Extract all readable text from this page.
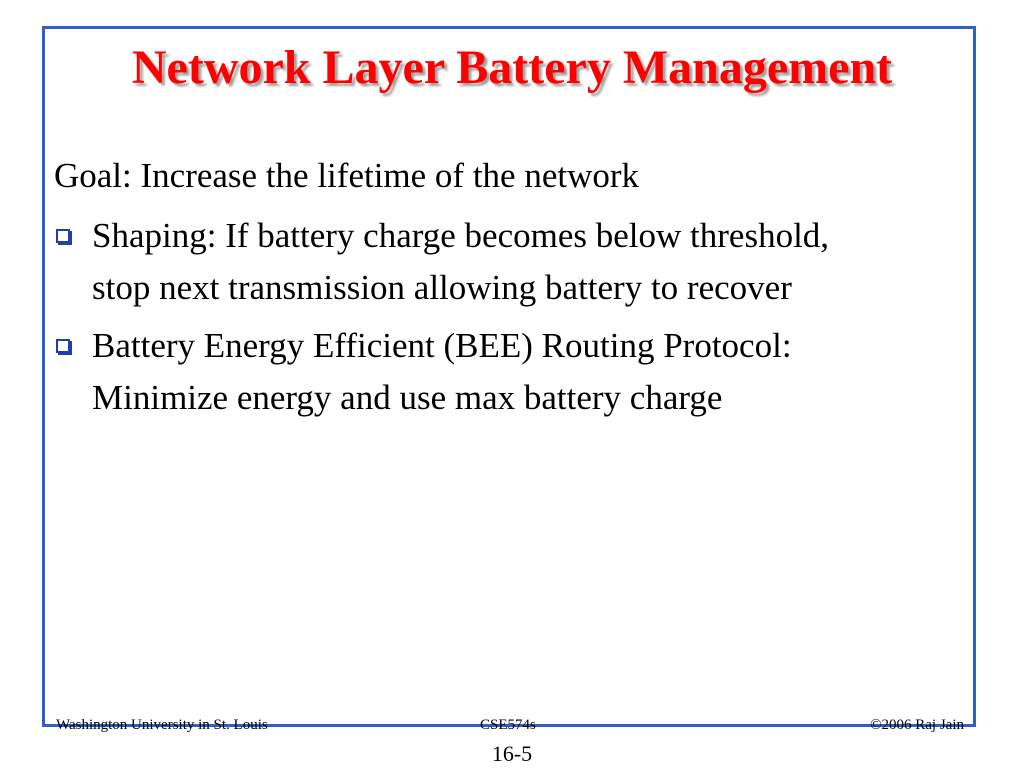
Network Layer Battery Management

Goal: Increase the lifetime of the network

Shaping: If battery charge becomes below threshold,
stop next transmission allowing battery to recover
Battery Energy Efficient (BEE) Routing Protocol:
Minimize energy and use max battery charge

Washington University in St. Louis	CSE574s	©2006 Raj Jain

16-5
